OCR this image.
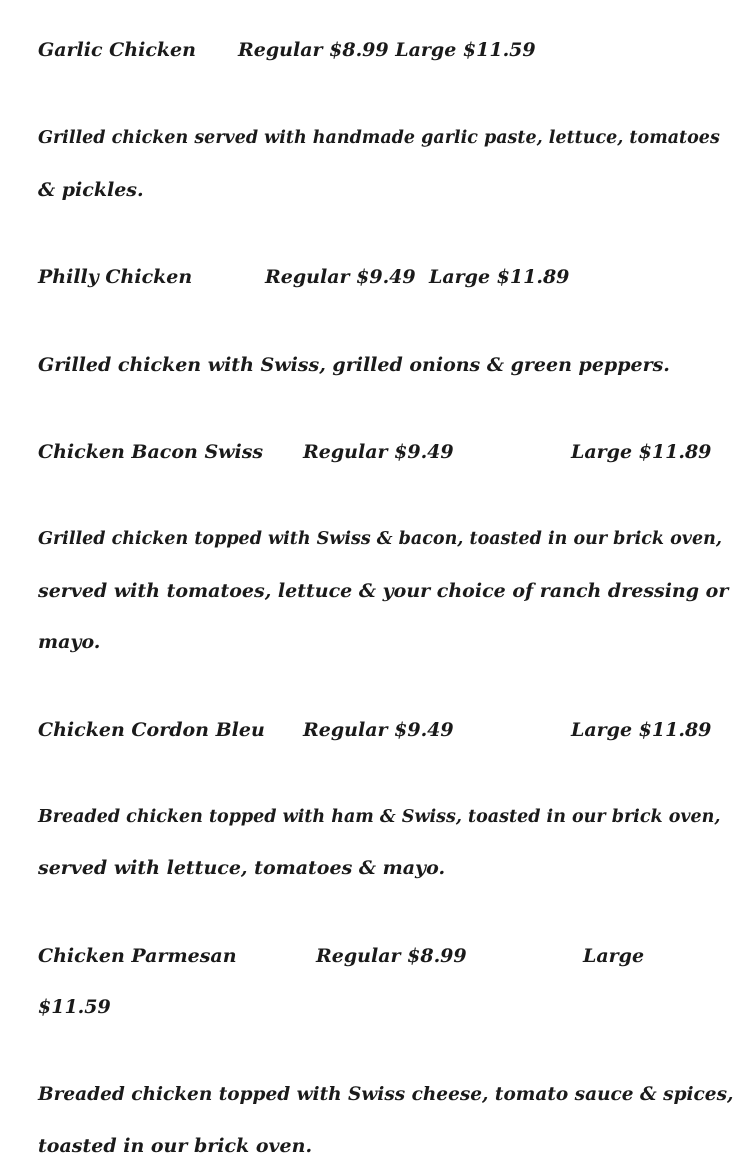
Garlic Chicken Regular $8.99 Large $11.59
Grilled chicken served with handmade garlic paste, lettuce, tomatoes
& pickles.
Philly Chicken	Regular $9.49 Large $11.89
Grilled chicken with Swiss, grilled onions & green peppers.
Chicken Bacon Swiss Regular $9.49	Large $11.89
Grilled chicken topped with Swiss & bacon, toasted in our brick oven,
served with tomatoes, lettuce & your choice of ranch dressing or
mayo.
Chicken Cordon Bleu Regular $9.49	Large $11.89
Breaded chicken topped with ham & Swiss, toasted in our brick oven,
served with lettuce, tomatoes & mayo.
Chicken Parmesan	Regular $8.99	Large
$11.59
Breaded chicken topped with Swiss cheese, tomato sauce & spices,
toasted in our brick oven.
